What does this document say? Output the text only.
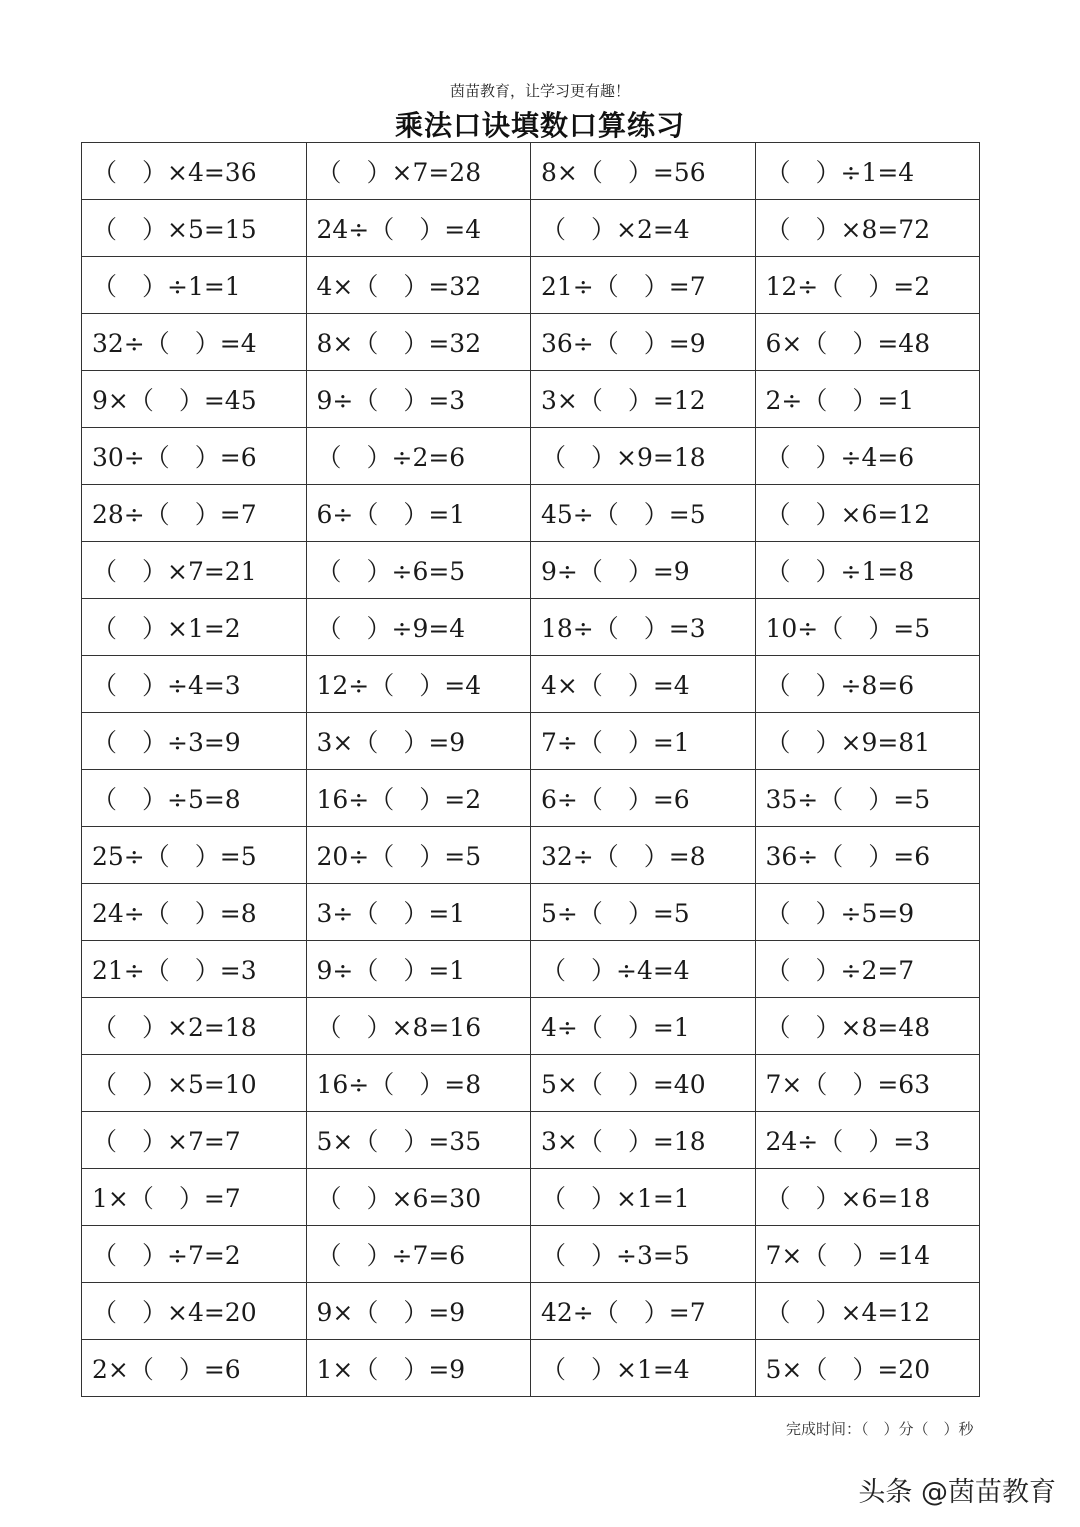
茵苗教育，让学习更有趣！
乘法口诀填数口算练习
（　）×4=36	（　）×7=28	8×（　）=56	（　）÷1=4
（　）×5=15	24÷（　）=4	（　）×2=4	（　）×8=72
（　）÷1=1	4×（　）=32	21÷（　）=7	12÷（　）=2
32÷（　）=4	8×（　）=32	36÷（　）=9	6×（　）=48
9×（　）=45	9÷（　）=3	3×（　）=12	2÷（　）=1
30÷（　）=6	（　）÷2=6	（　）×9=18	（　）÷4=6
28÷（　）=7	6÷（　）=1	45÷（　）=5	（　）×6=12
（　）×7=21	（　）÷6=5	9÷（　）=9	（　）÷1=8
（　）×1=2	（　）÷9=4	18÷（　）=3	10÷（　）=5
（　）÷4=3	12÷（　）=4	4×（　）=4	（　）÷8=6
（　）÷3=9	3×（　）=9	7÷（　）=1	（　）×9=81
（　）÷5=8	16÷（　）=2	6÷（　）=6	35÷（　）=5
25÷（　）=5	20÷（　）=5	32÷（　）=8	36÷（　）=6
24÷（　）=8	3÷（　）=1	5÷（　）=5	（　）÷5=9
21÷（　）=3	9÷（　）=1	（　）÷4=4	（　）÷2=7
（　）×2=18	（　）×8=16	4÷（　）=1	（　）×8=48
（　）×5=10	16÷（　）=8	5×（　）=40	7×（　）=63
（　）×7=7	5×（　）=35	3×（　）=18	24÷（　）=3
1×（　）=7	（　）×6=30	（　）×1=1	（　）×6=18
（　）÷7=2	（　）÷7=6	（　）÷3=5	7×（　）=14
（　）×4=20	9×（　）=9	42÷（　）=7	（　）×4=12
2×（　）=6	1×（　）=9	（　）×1=4	5×（　）=20
完成时间：（　）分（　）秒
头条 @茵苗教育
